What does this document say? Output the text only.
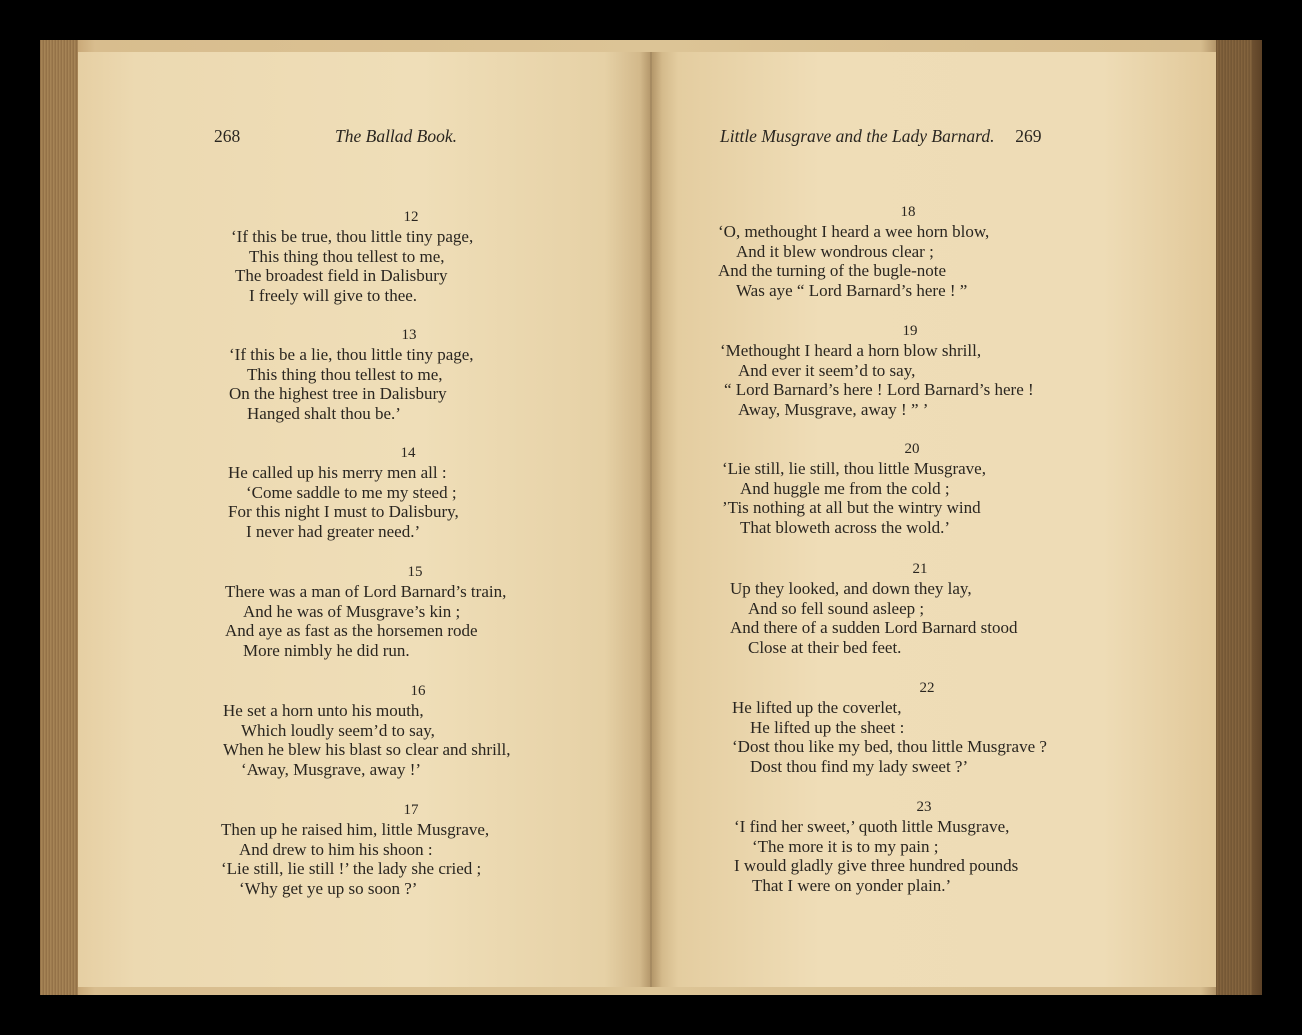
268	The Ballad Book.
12
‘If this be true, thou little tiny page,
This thing thou tellest to me,
The broadest field in Dalisbury
I freely will give to thee.
13
‘If this be a lie, thou little tiny page,
This thing thou tellest to me,
On the highest tree in Dalisbury
Hanged shalt thou be.’
14
He called up his merry men all :
‘Come saddle to me my steed ;
For this night I must to Dalisbury,
I never had greater need.’
15
There was a man of Lord Barnard’s train,
And he was of Musgrave’s kin ;
And aye as fast as the horsemen rode
More nimbly he did run.
16
He set a horn unto his mouth,
Which loudly seem’d to say,
When he blew his blast so clear and shrill,
‘Away, Musgrave, away !’
17
Then up he raised him, little Musgrave,
And drew to him his shoon :
‘Lie still, lie still !’ the lady she cried ;
‘Why get ye up so soon ?’
Little Musgrave and the Lady Barnard. 269
18
‘O, methought I heard a wee horn blow,
And it blew wondrous clear ;
And the turning of the bugle-note
Was aye “ Lord Barnard’s here ! ”
19
‘Methought I heard a horn blow shrill,
And ever it seem’d to say,
“ Lord Barnard’s here ! Lord Barnard’s here !
Away, Musgrave, away ! ” ’
20
‘Lie still, lie still, thou little Musgrave,
And huggle me from the cold ;
’Tis nothing at all but the wintry wind
That bloweth across the wold.’
21
Up they looked, and down they lay,
And so fell sound asleep ;
And there of a sudden Lord Barnard stood
Close at their bed feet.
22
He lifted up the coverlet,
He lifted up the sheet :
‘Dost thou like my bed, thou little Musgrave ?
Dost thou find my lady sweet ?’
23
‘I find her sweet,’ quoth little Musgrave,
‘The more it is to my pain ;
I would gladly give three hundred pounds
That I were on yonder plain.’
